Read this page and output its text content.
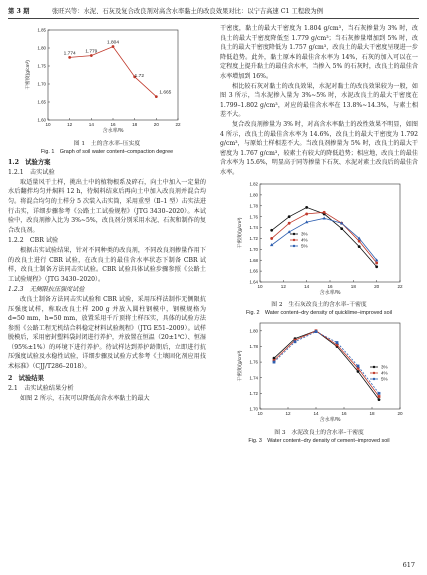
第 3 期	张旺兴等：水泥、石灰及复合改良剂对高含水率黏土的改良效果对比：以宁吉高速 C1 工程段为例
10	12	14	16	18	20	22
1.60
1.65
1.70
1.75
1.80
1.85
含水率/%
干密度(g/cm³)
1.774 1.779
1.804
1.72
1.665
图 1　土的含水率–压实度
Fig. 1　Graph of soil water content–compaction degree
1.2　试验方案
1.2.1　击实试验

取适量风干土样，挑出土中的植物根系及碎石，向土中加入一定量的水后翻拌均匀并焖料 12 h，待焖料结束后再向土中加入改良剂并混合均匀。将混合均匀的土样分 5 次装入击实筒，采用重型（Ⅱ–1 型）击实法进行击实，详细步骤参考《公路土工试验规程》（JTG 3430–2020）。本试验中，改良剂掺入比为 3%~5%，改良剂分别采用水泥、石灰和制作的复合改良剂。

1.2.2　CBR 试验

根据击实试验结果，针对不同种类的改良剂，不同改良剂掺量作用下的改良土进行 CBR 试验，在改良土的最佳含水率状态下制备 CBR 试样，改良土制备方法同击实试验。CBR 试验具体试验步骤参照《公路土工试验规程》（JTG 3430–2020）。

1.2.3　无侧限抗压强度试验

改良土制备方法同击实试验和 CBR 试验，采用压样法制作无侧限抗压强度试样，称取改良土样 200 g 并放入圆柱钢模中，钢模规格为 d=50 mm，h=50 mm，放置采用千斤顶将土样压实，具体的试验方法参照《公路工程无机结合料稳定材料试验规程》（JTG E51–2009）。试样脱模后，采用密封塑料袋封闭进行养护，并放置在恒温（20±1℃）、恒湿（95%±1%）的环境下进行养护。待试样达到养护龄期后，立即进行抗压强度试验及水稳性试验，详细步骤及试验方式参考《土壤固化剂应用技术标准》（CJJ/T286–2018）。

2　试验结果
2.1　击实试验结果分析

如图 2 所示，石灰可以降低高含水率黏土的最大

干密度，黏土的最大干密度为 1.804 g/cm³，当石灰掺量为 3% 时，改良土的最大干密度降低至 1.779 g/cm³；当石灰掺量增加到 5% 时，改良土的最大干密度降低为 1.757 g/cm³，改良土的最大干密度呈现进一步降低趋势。此外，黏土原本的最佳含水率为 14%，石灰的加入可以在一定程度上提升黏土的最佳含水率，当掺入 5% 的石灰时，改良土的最佳含水率增加到 16%。

相比较石灰对黏土的改良效果，水泥对黏土的改良效果较为一般，如图 3 所示，当水泥掺入量为 3%~5% 时，水泥改良土的最大干密度在 1.799–1.802 g/cm³，对应的最佳含水率在 13.8%~14.3%，与素土相差不大。

复合改良剂掺量为 3% 时，对高含水率黏土的改性效果不明显，如图 4 所示，改良土的最佳含水率为 14.6%，改良土的最大干密度为 1.792 g/cm³，与原始土样相差不大。当改良剂掺量为 5% 时，改良土的最大干密度为 1.767 g/cm³，较素土有较大的降低趋势；相应地，改良土的最佳含水率为 15.6%，明显高于同等掺量下石灰、水泥对素土改良后的最佳含水率。

10	12	14	16	18	20	22
1.64
1.66
1.68
1.70
1.72
1.74
1.76
1.78
1.80
1.82
含水率/%
干密度/(g/cm³)	3%
4%
5%
图 2　生石灰改良土的含水率–干密度
Fig. 2　Water content–dry density of quicklime–improved soil
10	12	14	16	18	20
1.70
1.72
1.74
1.76
1.78
1.80
含水率/%
干密度/(g/cm³)	3%
4%
5%
图 3　水泥改良土的含水率–干密度
Fig. 3　Water content–dry density of cement–improved soil
617
